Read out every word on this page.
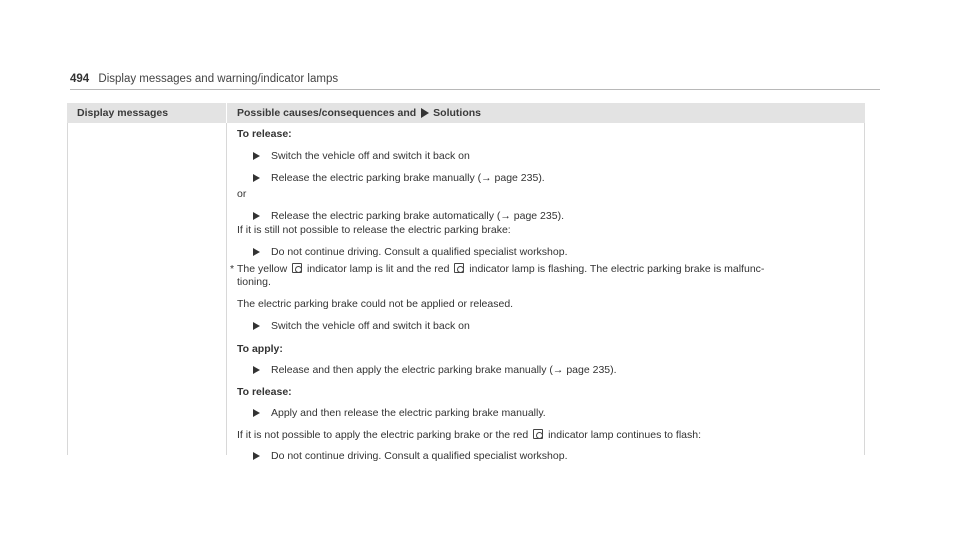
494 Display messages and warning/indicator lamps
Display messages	Possible causes/consequences and Solutions
To release:
Switch the vehicle off and switch it back on
Release the electric parking brake manually (→ page 235).
or
Release the electric parking brake automatically (→ page 235).
If it is still not possible to release the electric parking brake:
Do not continue driving. Consult a qualified specialist workshop.
* The yellow indicator lamp is lit and the red indicator lamp is flashing. The electric parking brake is malfunc-
tioning.
The electric parking brake could not be applied or released.
Switch the vehicle off and switch it back on
To apply:
Release and then apply the electric parking brake manually (→ page 235).
To release:
Apply and then release the electric parking brake manually.
If it is not possible to apply the electric parking brake or the red indicator lamp continues to flash:
Do not continue driving. Consult a qualified specialist workshop.
